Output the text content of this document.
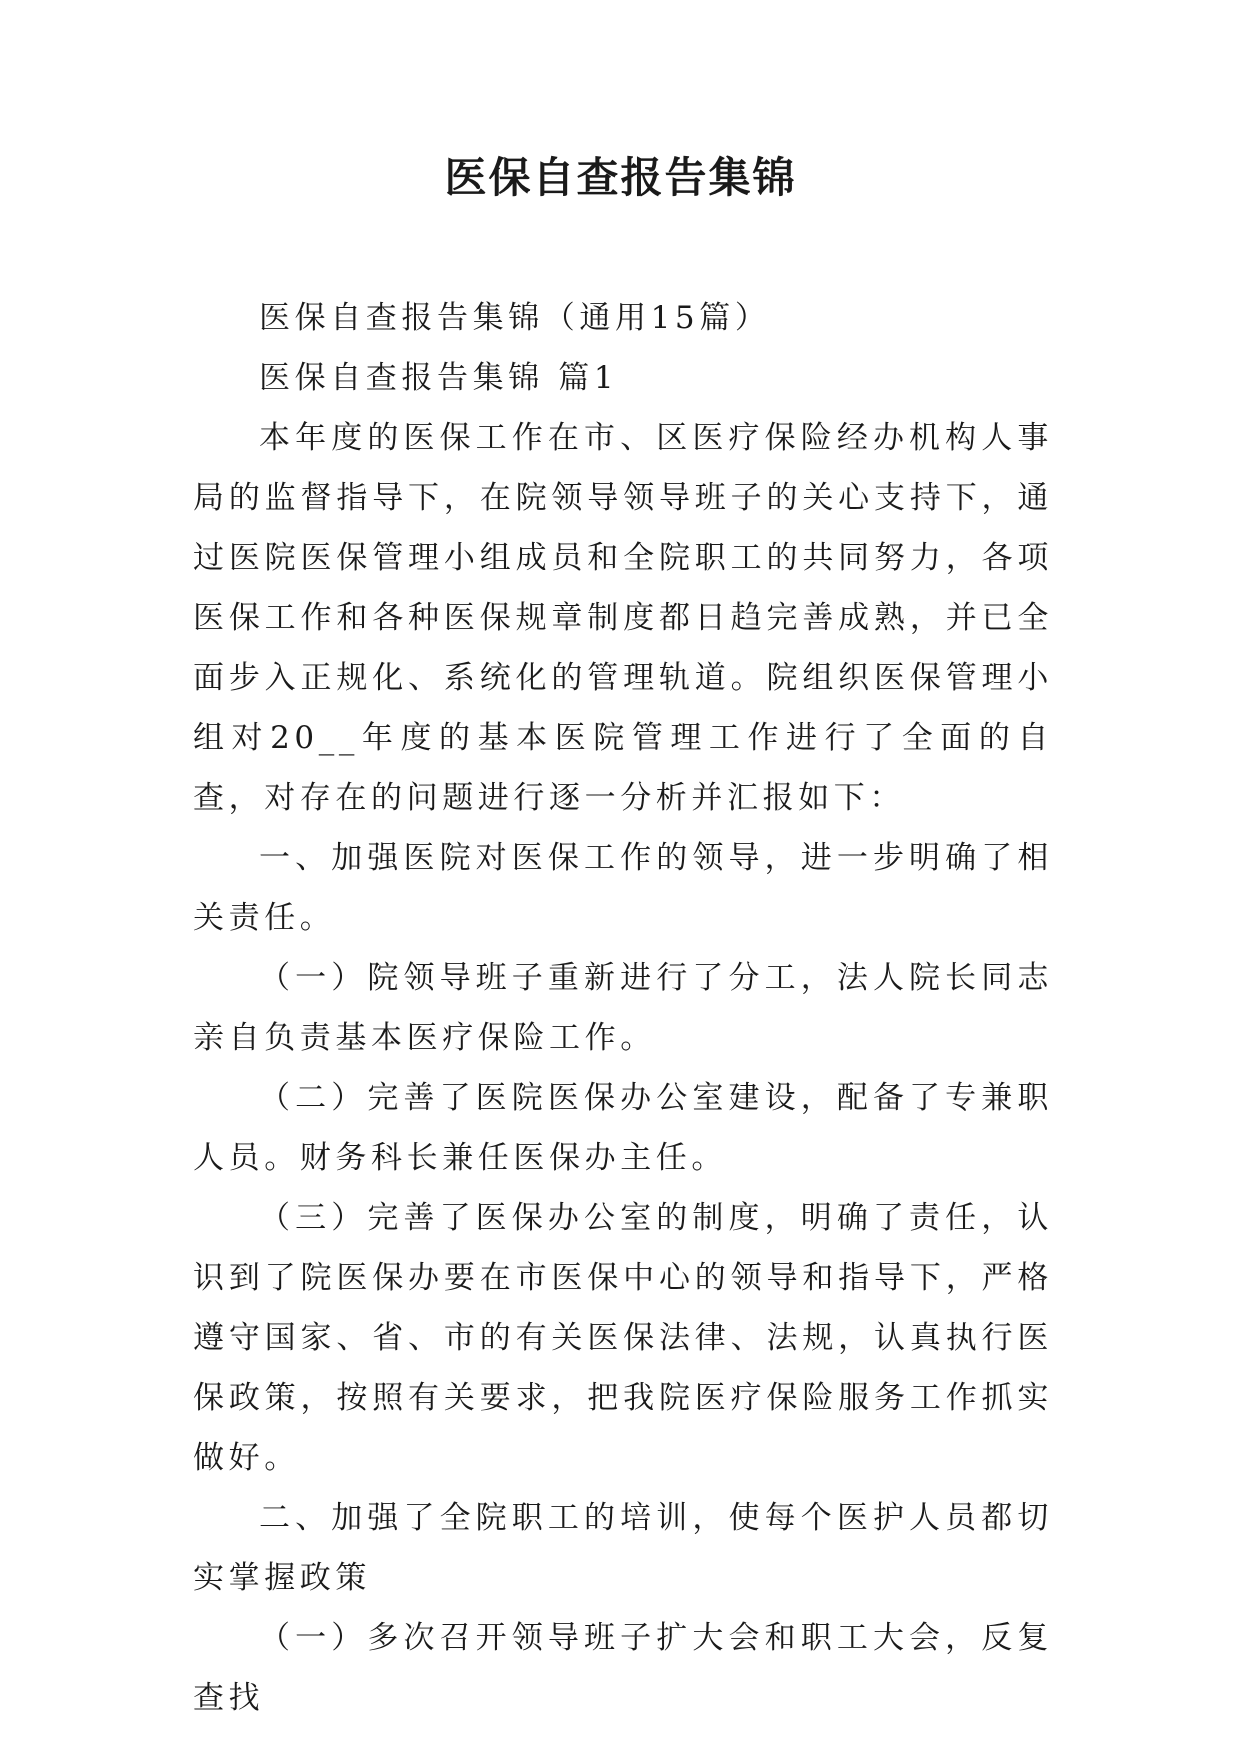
医保自查报告集锦

医保自查报告集锦（通用15篇）

医保自查报告集锦 篇1

本年度的医保工作在市、区医疗保险经办机构人事局的监督指导下，在院领导领导班子的关心支持下，通过医院医保管理小组成员和全院职工的共同努力，各项医保工作和各种医保规章制度都日趋完善成熟，并已全面步入正规化、系统化的管理轨道。院组织医保管理小组对20__年度的基本医院管理工作进行了全面的自查，对存在的问题进行逐一分析并汇报如下：

一、加强医院对医保工作的领导，进一步明确了相关责任。

（一）院领导班子重新进行了分工，法人院长同志亲自负责基本医疗保险工作。

（二）完善了医院医保办公室建设，配备了专兼职人员。财务科长兼任医保办主任。

（三）完善了医保办公室的制度，明确了责任，认识到了院医保办要在市医保中心的领导和指导下，严格遵守国家、省、市的有关医保法律、法规，认真执行医保政策，按照有关要求，把我院医疗保险服务工作抓实做好。

二、加强了全院职工的培训，使每个医护人员都切实掌握政策

（一）多次召开领导班子扩大会和职工大会，反复查找
